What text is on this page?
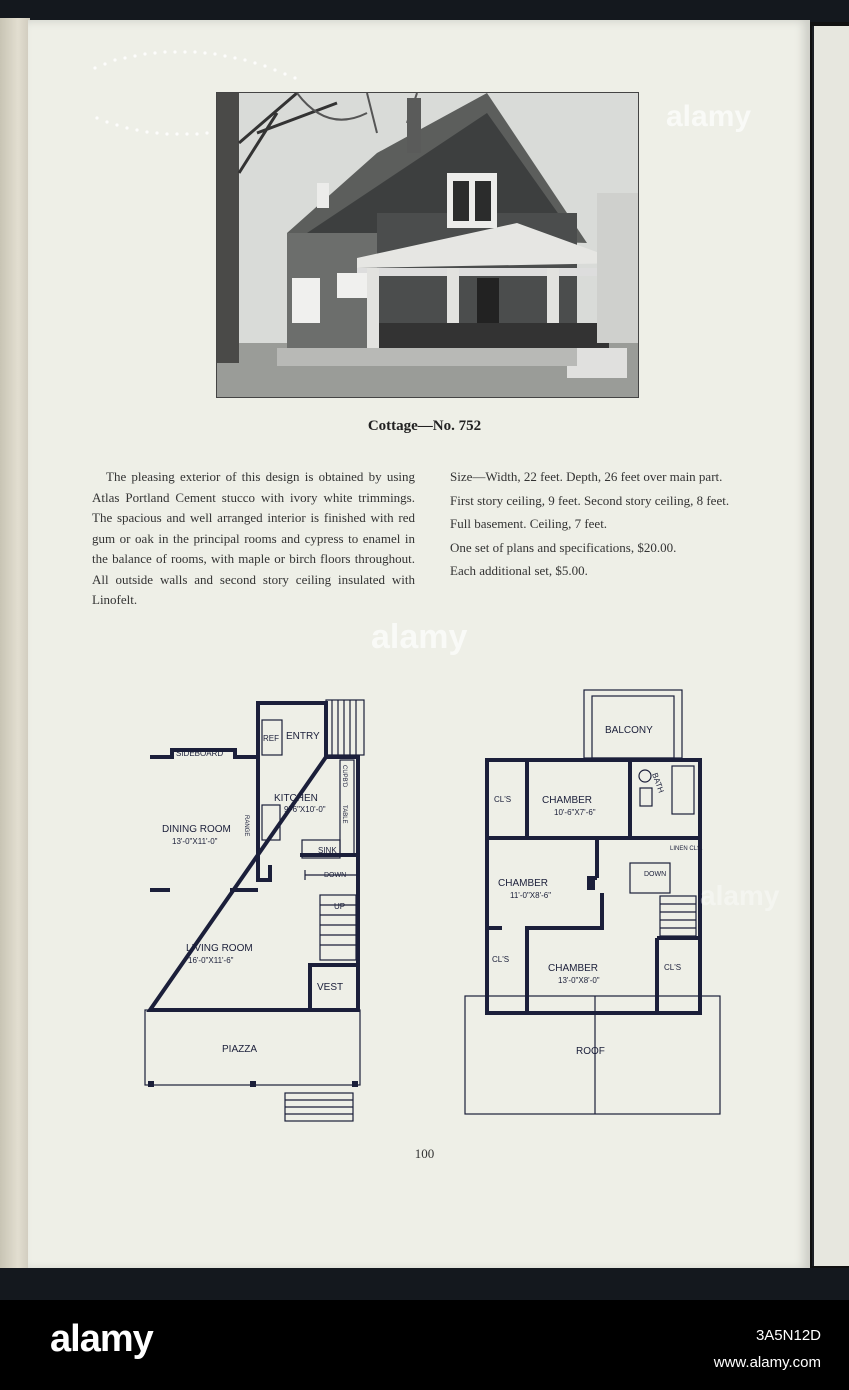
Cottage—No. 752
The pleasing exterior of this design is obtained by using Atlas Portland Cement stucco with ivory white trimmings. The spacious and well arranged interior is finished with red gum or oak in the principal rooms and cypress to enamel in the balance of rooms, with maple or birch floors throughout. All outside walls and second story ceiling insulated with Linofelt.

Size—Width, 22 feet. Depth, 26 feet over main part.

First story ceiling, 9 feet. Second story ceiling, 8 feet.

Full basement. Ceiling, 7 feet.

One set of plans and specifications, $20.00.

Each additional set, $5.00.

SIDEBOARD
REF ENTRY
KITCHEN
9'-6"X10'-0"
DINING ROOM
13'-0"X11'-0"
RANGE
SINK
CUPB'D
TABLE
DOWN
UP
LIVING ROOM
16'-0"X11'-6"
VEST
PIAZZA
BALCONY
CL'S	CHAMBER
10'-6"X7'-6"
BATH
LINEN CLS.
CHAMBER
11'-0"X8'-6"
DOWN
CL'S
CHAMBER
13'-0"X8'-0"
CL'S
ROOF
100
alamy
alamy
alamy
alamy	3A5N12D
www.alamy.com
